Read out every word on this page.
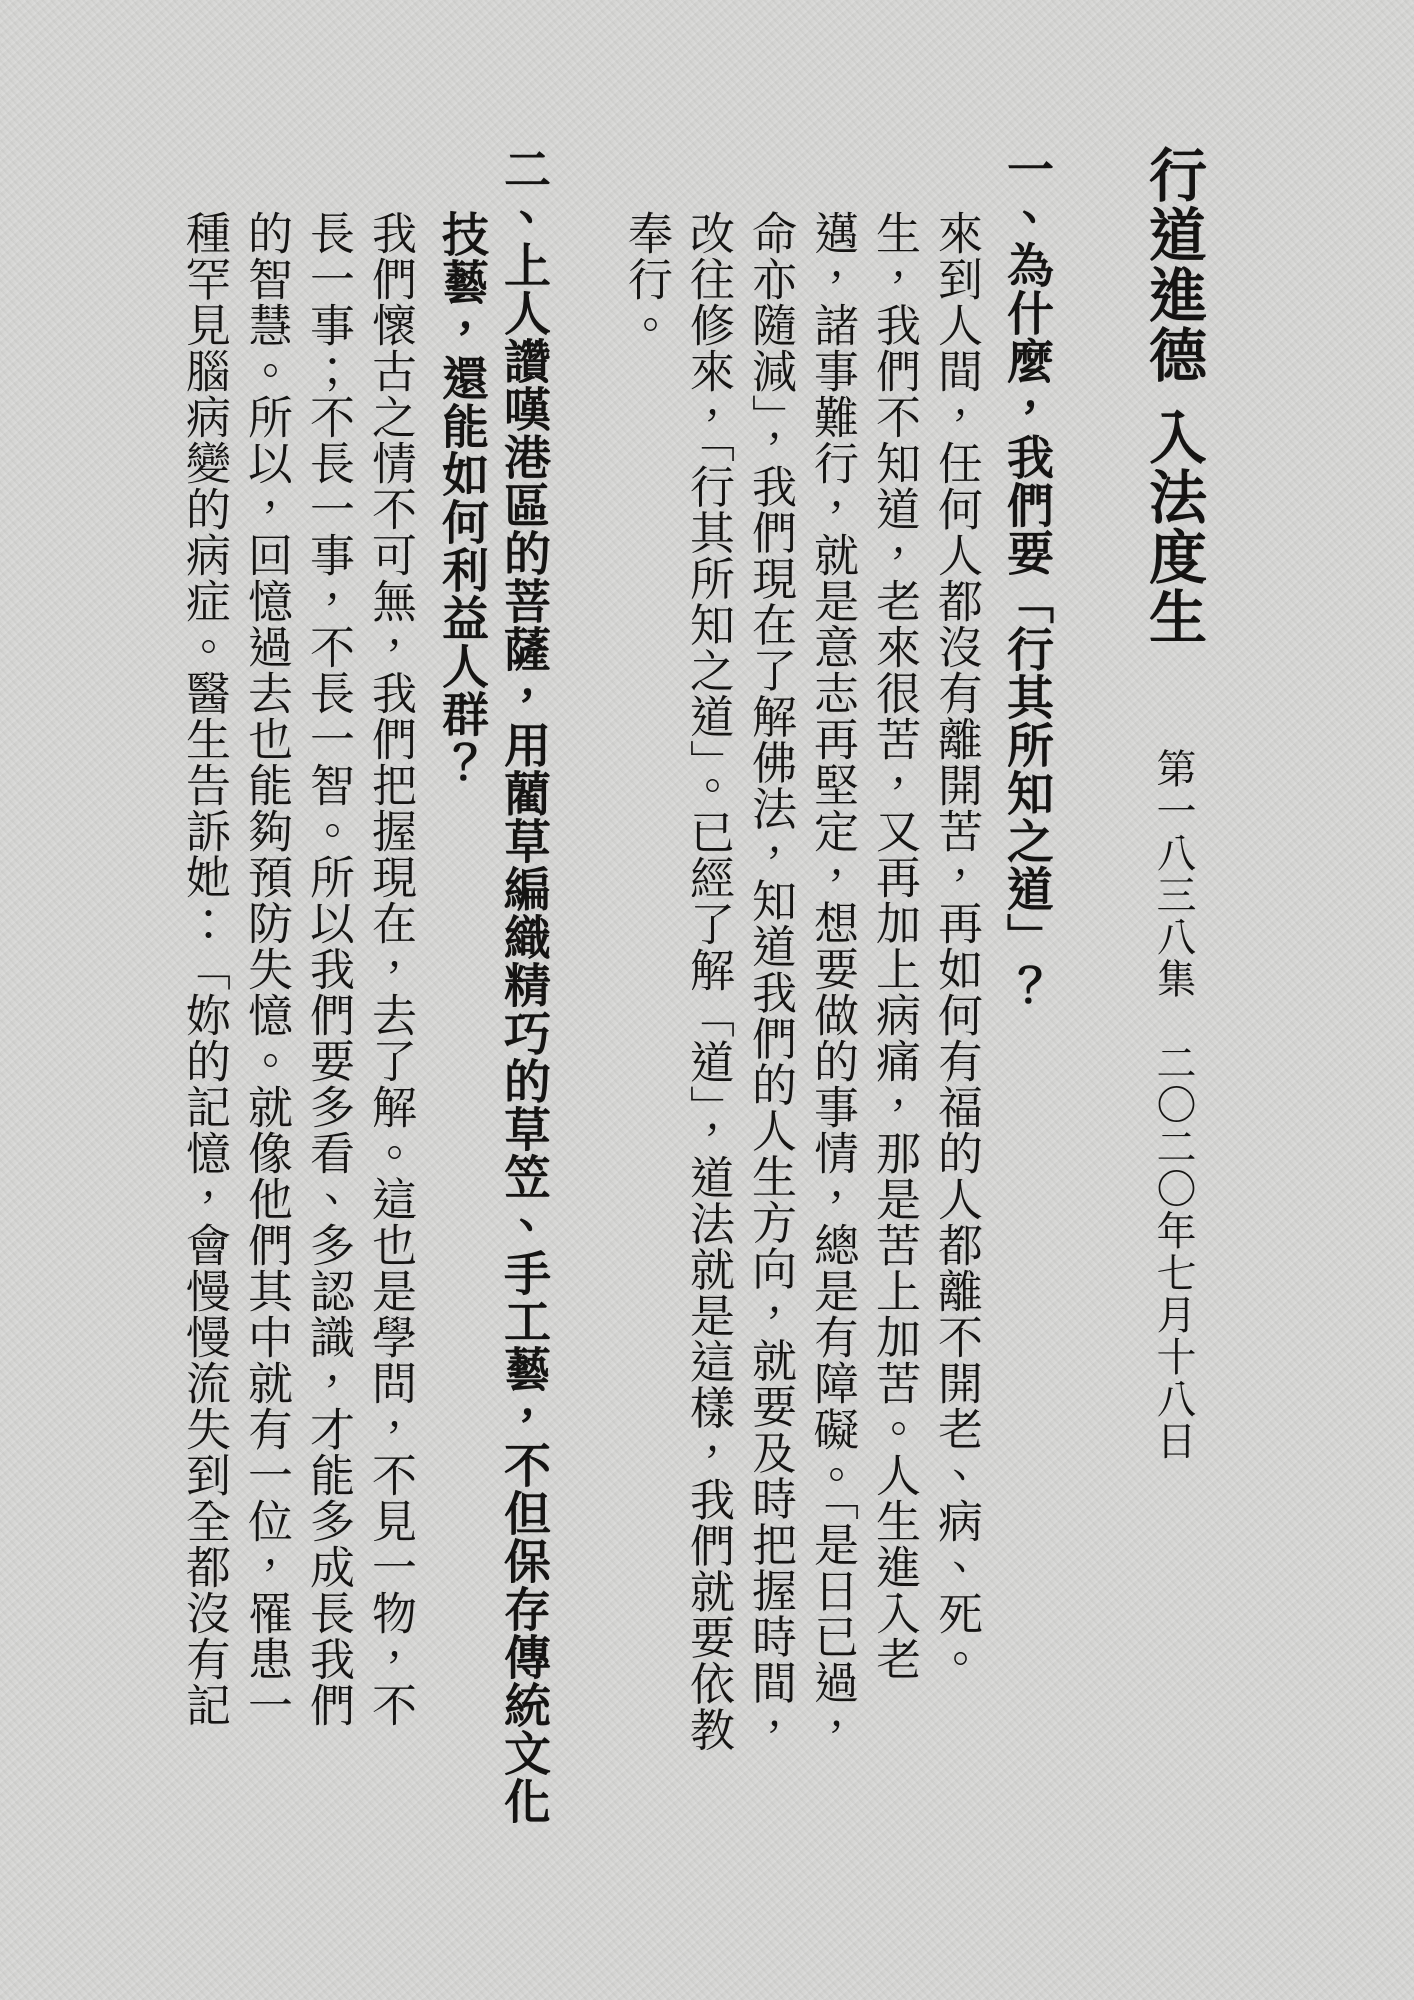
行道進德 入法度生 第一八三八集　二〇二〇年七月十八日
一、為什麼，我們要「行其所知之道」？
來到人間，任何人都沒有離開苦，再如何有福的人都離不開老、病、死。
生，我們不知道，老來很苦，又再加上病痛，那是苦上加苦。人生進入老
邁，諸事難行，就是意志再堅定，想要做的事情，總是有障礙。「是日已過，
命亦隨減」，我們現在了解佛法，知道我們的人生方向，就要及時把握時間，
改往修來，「行其所知之道」。已經了解「道」，道法就是這樣，我們就要依教
奉行。
二、上人讚嘆港區的菩薩，用藺草編織精巧的草笠、手工藝，不但保存傳統文化
技藝，還能如何利益人群？
我們懷古之情不可無，我們把握現在，去了解。這也是學問，不見一物，不
長一事；不長一事，不長一智。所以我們要多看、多認識，才能多成長我們
的智慧。所以，回憶過去也能夠預防失憶。就像他們其中就有一位，罹患一
種罕見腦病變的病症。醫生告訴她：「妳的記憶，會慢慢流失到全都沒有記
